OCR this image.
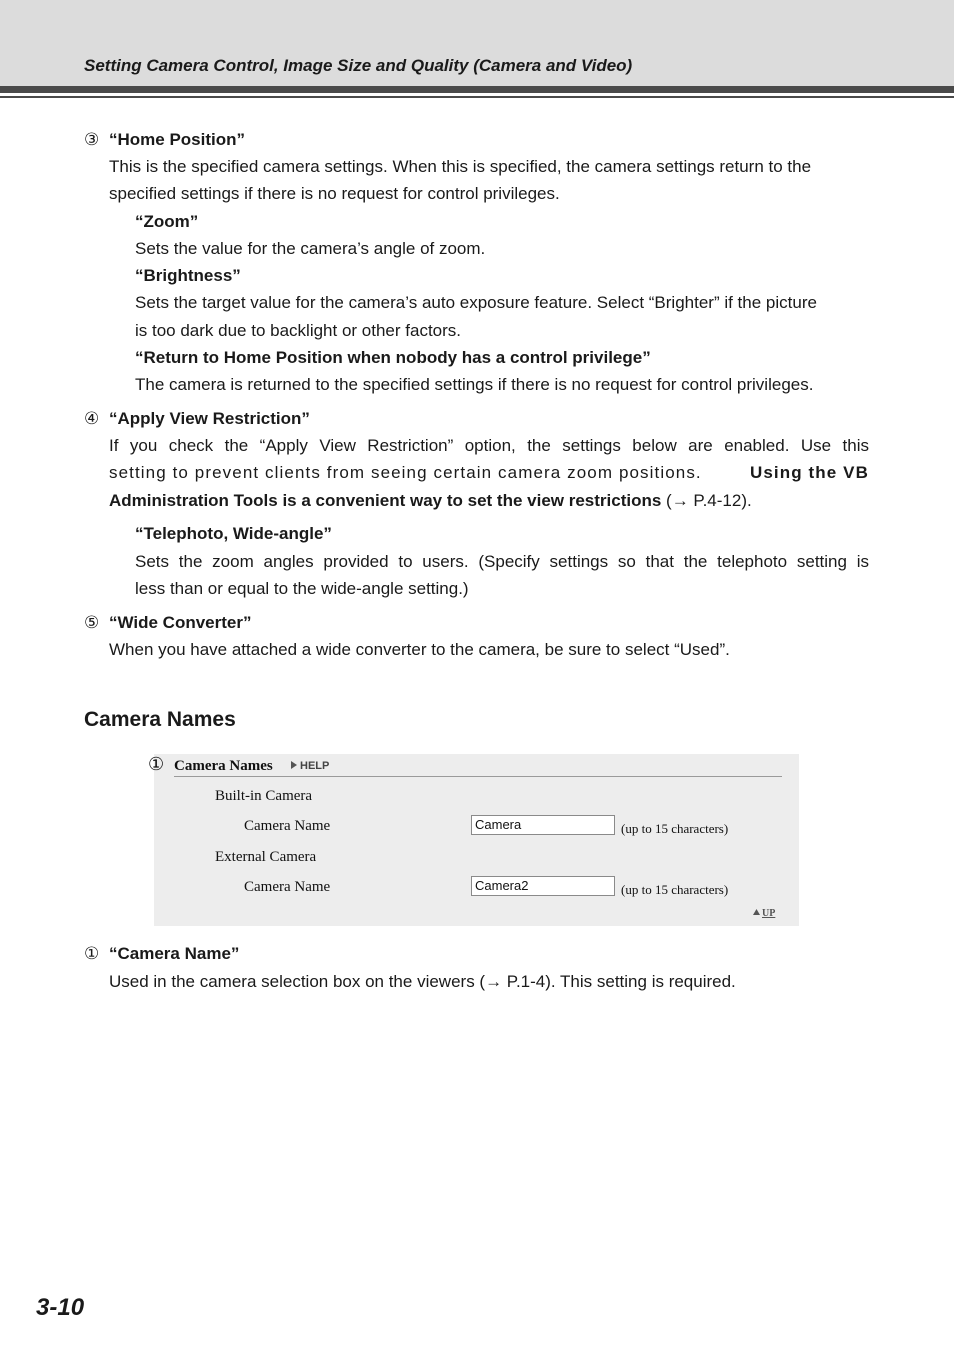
Setting Camera Control, Image Size and Quality (Camera and Video)
③ “Home Position”
This is the specified camera settings. When this is specified, the camera settings return to the
specified settings if there is no request for control privileges.
“Zoom”
Sets the value for the camera’s angle of zoom.
“Brightness”
Sets the target value for the camera’s auto exposure feature. Select “Brighter” if the picture
is too dark due to backlight or other factors.
“Return to Home Position when nobody has a control privilege”
The camera is returned to the specified settings if there is no request for control privileges.
④ “Apply View Restriction”
If you check the “Apply View Restriction” option, the settings below are enabled. Use this
setting to prevent clients from seeing certain camera zoom positions.	Using the VB
Administration Tools is a convenient way to set the view restrictions (→ P.4-12).
“Telephoto, Wide-angle”
Sets the zoom angles provided to users. (Specify settings so that the telephoto setting is
less than or equal to the wide-angle setting.)
⑤ “Wide Converter”
When you have attached a wide converter to the camera, be sure to select “Used”.
Camera Names
① Camera Names HELP
Built-in Camera
Camera Name	Camera	(up to 15 characters)
External Camera
Camera Name	Camera2	(up to 15 characters)
UP
① “Camera Name”
Used in the camera selection box on the viewers (→ P.1-4). This setting is required.
3-10
